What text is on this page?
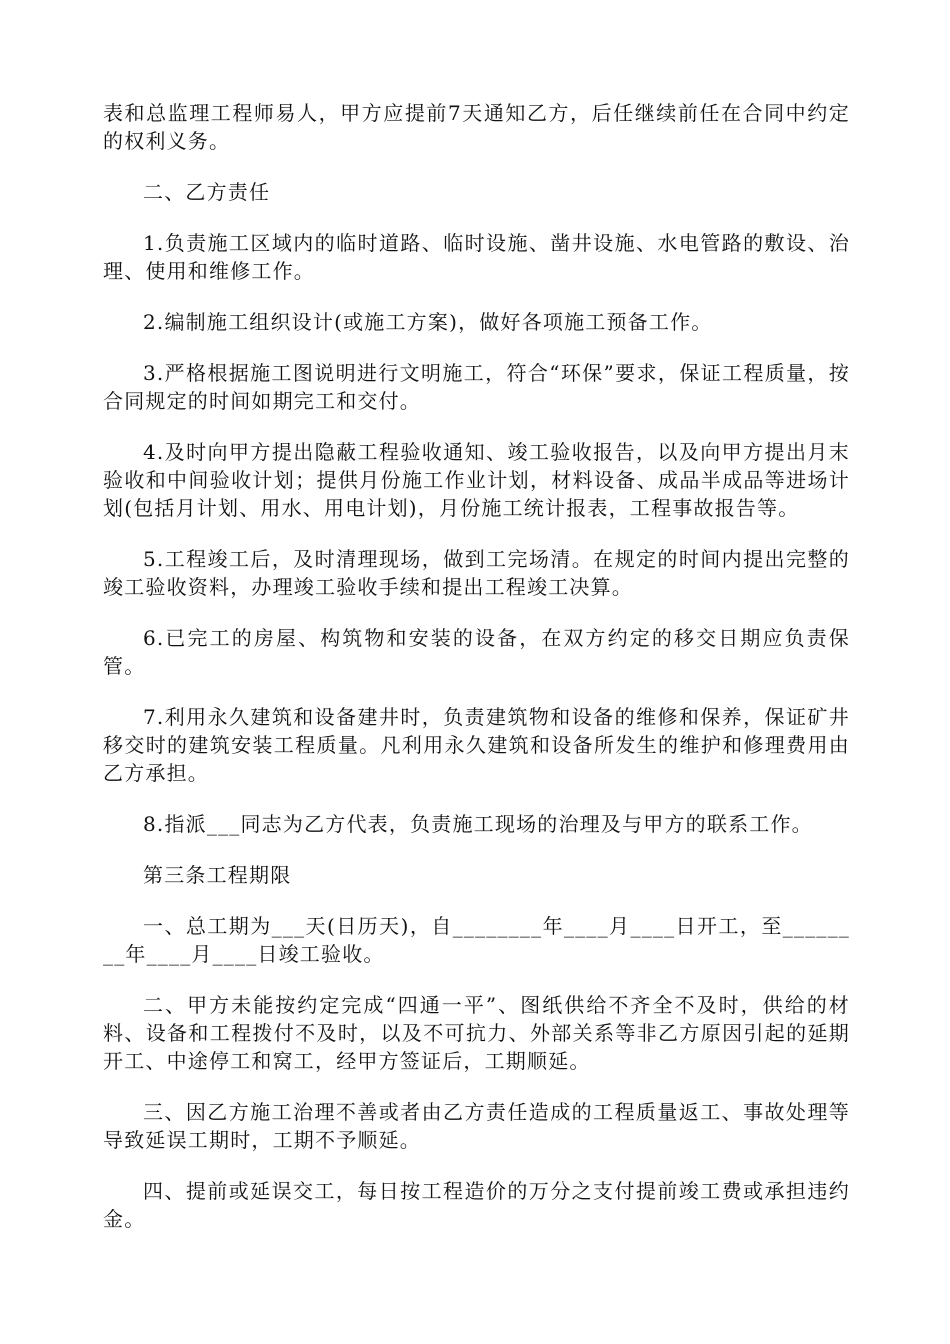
表和总监理工程师易人，甲方应提前7天通知乙方，后任继续前任在合同中约定的权利义务。

二、乙方责任

1.负责施工区域内的临时道路、临时设施、凿井设施、水电管路的敷设、治理、使用和维修工作。

2.编制施工组织设计(或施工方案)，做好各项施工预备工作。

3.严格根据施工图说明进行文明施工，符合“环保”要求，保证工程质量，按合同规定的时间如期完工和交付。

4.及时向甲方提出隐蔽工程验收通知、竣工验收报告，以及向甲方提出月末验收和中间验收计划；提供月份施工作业计划，材料设备、成品半成品等进场计划(包括月计划、用水、用电计划)，月份施工统计报表，工程事故报告等。

5.工程竣工后，及时清理现场，做到工完场清。在规定的时间内提出完整的竣工验收资料，办理竣工验收手续和提出工程竣工决算。

6.已完工的房屋、构筑物和安装的设备，在双方约定的移交日期应负责保管。

7.利用永久建筑和设备建井时，负责建筑物和设备的维修和保养，保证矿井移交时的建筑安装工程质量。凡利用永久建筑和设备所发生的维护和修理费用由乙方承担。

8.指派___同志为乙方代表，负责施工现场的治理及与甲方的联系工作。

第三条工程期限

一、总工期为___天(日历天)，自________年____月____日开工，至________年____月____日竣工验收。

二、甲方未能按约定完成“四通一平”、图纸供给不齐全不及时，供给的材料、设备和工程拨付不及时，以及不可抗力、外部关系等非乙方原因引起的延期开工、中途停工和窝工，经甲方签证后，工期顺延。

三、因乙方施工治理不善或者由乙方责任造成的工程质量返工、事故处理等导致延误工期时，工期不予顺延。

四、提前或延误交工，每日按工程造价的万分之支付提前竣工费或承担违约金。
